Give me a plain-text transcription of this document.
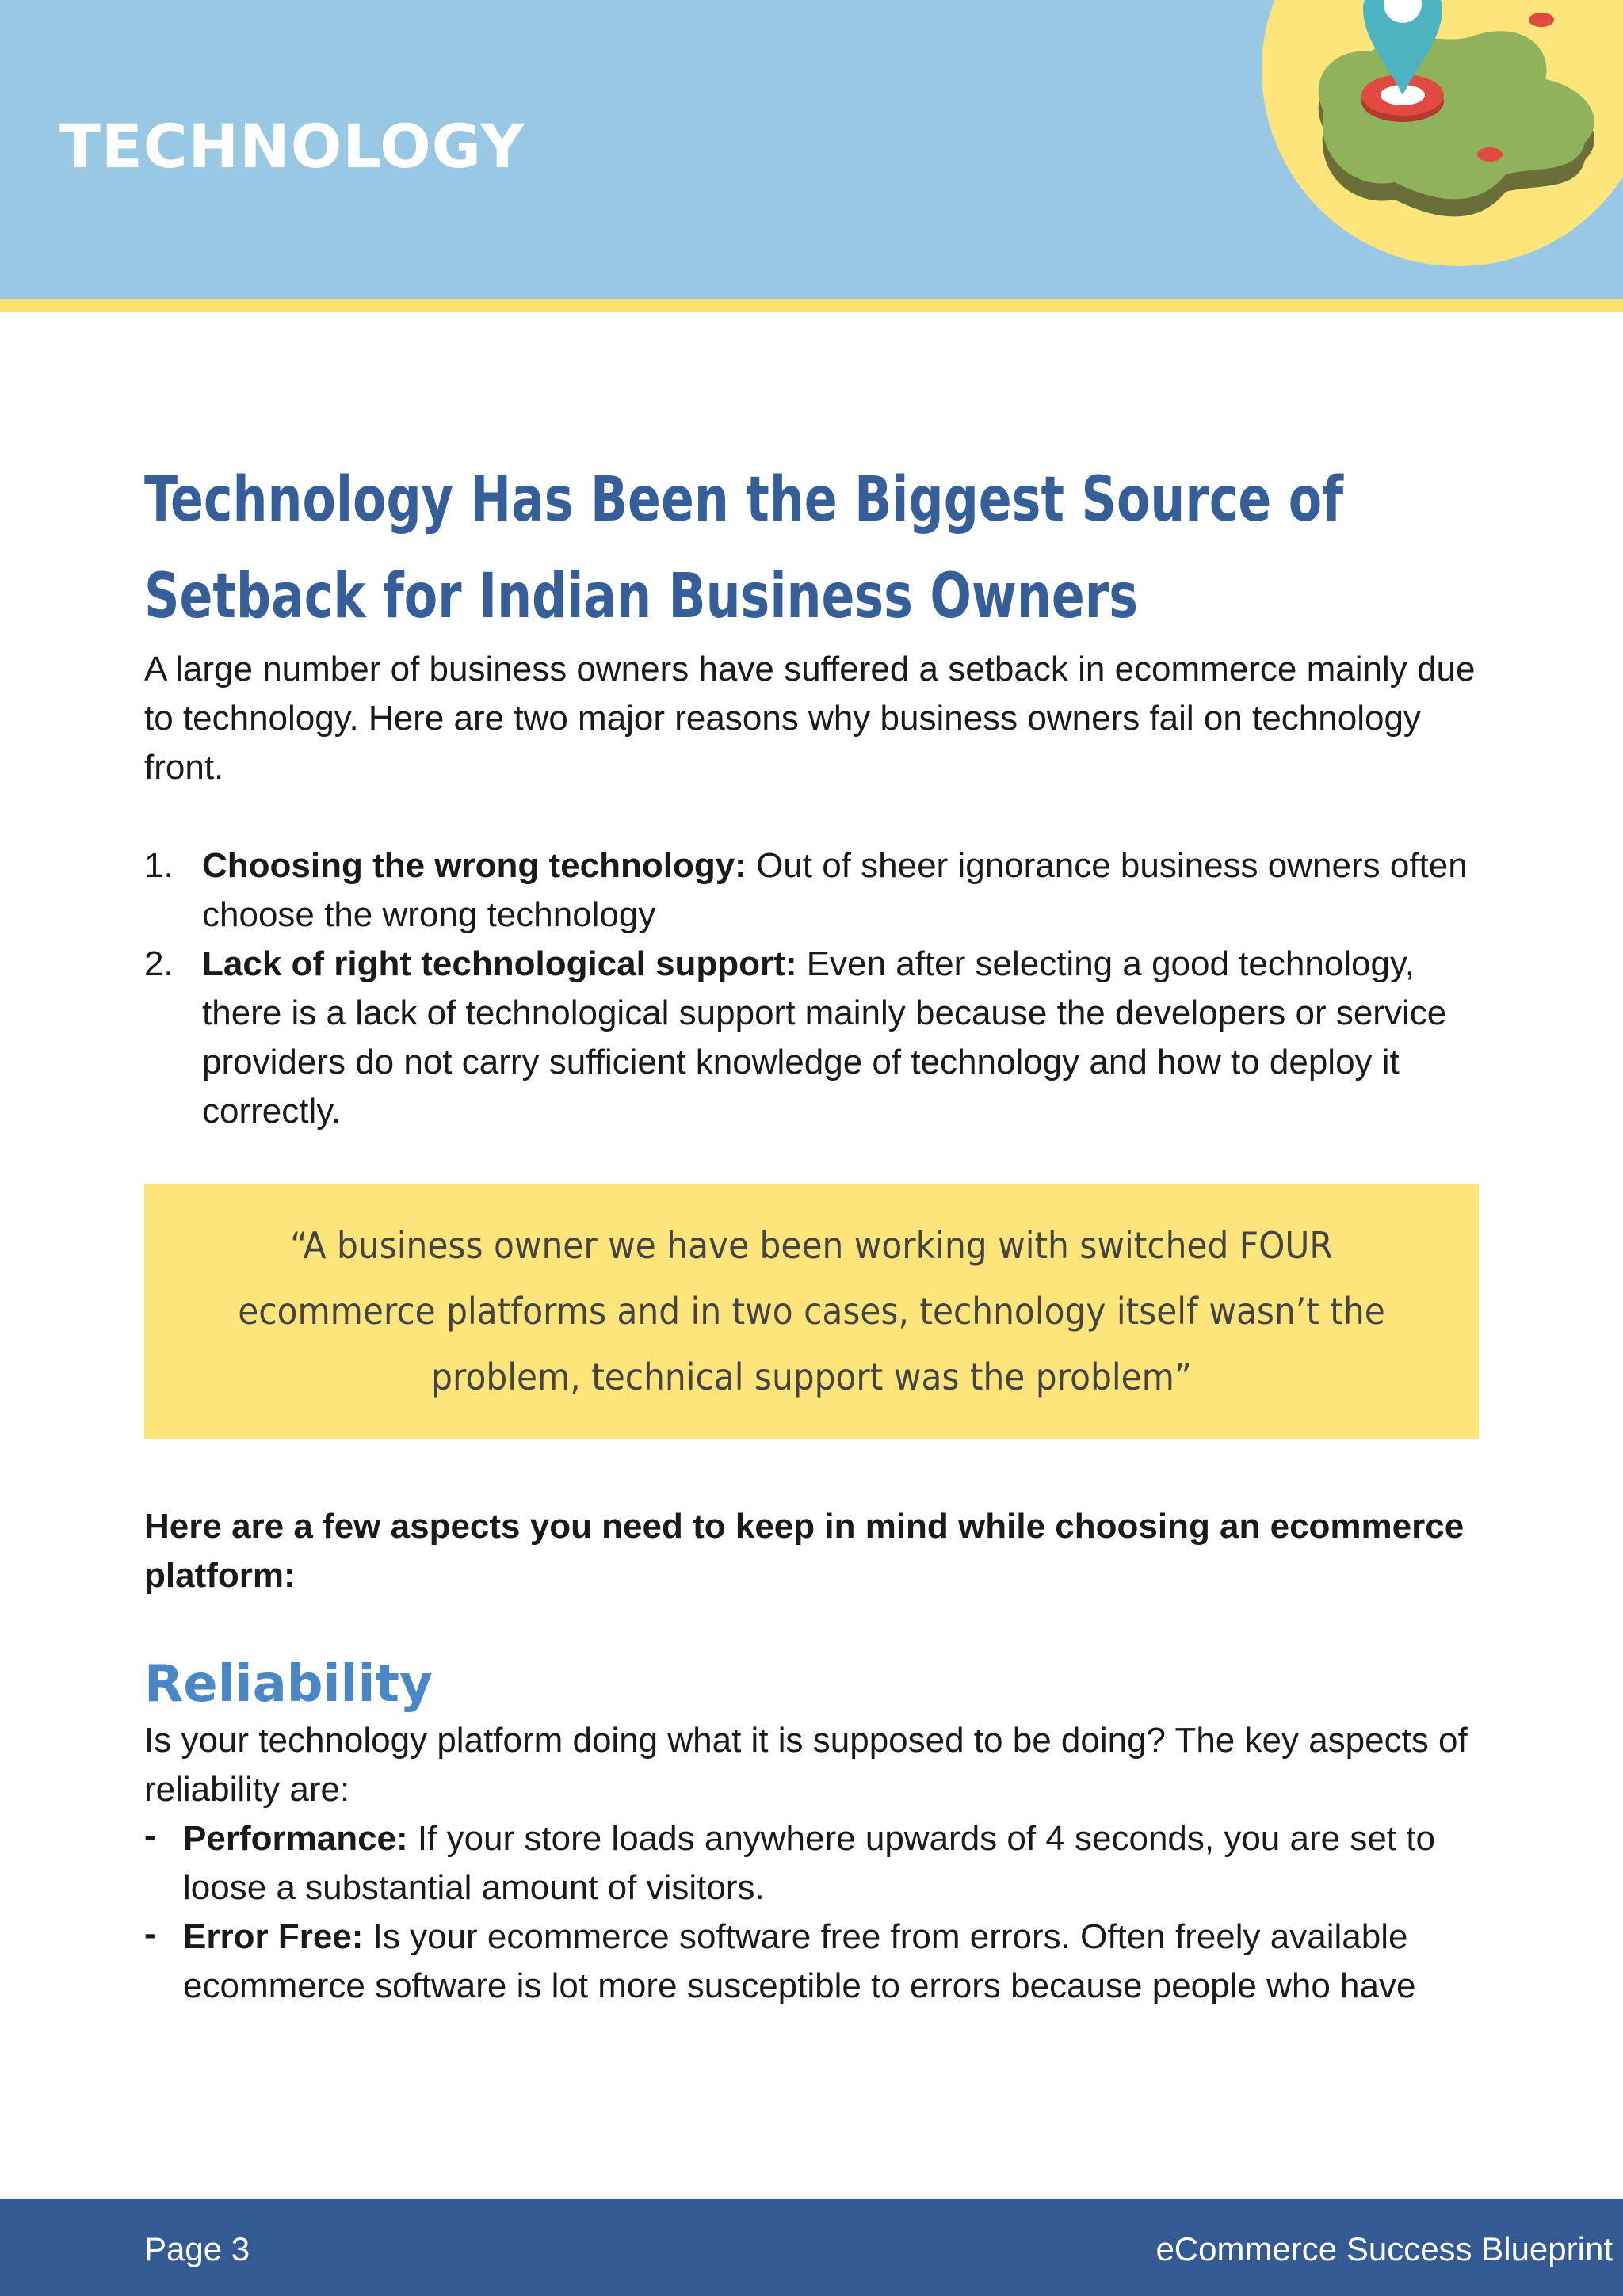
TECHNOLOGY
Technology Has Been the Biggest Source of Setback for Indian Business Owners

A large number of business owners have suffered a setback in ecommerce mainly due to technology. Here are two major reasons why business owners fail on technology front.

1. Choosing the wrong technology: Out of sheer ignorance business owners often choose the wrong technology
2. Lack of right technological support: Even after selecting a good technology, there is a lack of technological support mainly because the developers or service providers do not carry sufficient knowledge of technology and how to deploy it correctly.

“A business owner we have been working with switched FOUR ecommerce platforms and in two cases, technology itself wasn’t the problem, technical support was the problem”

Here are a few aspects you need to keep in mind while choosing an ecommerce platform:

Reliability

Is your technology platform doing what it is supposed to be doing? The key aspects of reliability are:

- Performance: If your store loads anywhere upwards of 4 seconds, you are set to loose a substantial amount of visitors.
- Error Free: Is your ecommerce software free from errors. Often freely available ecommerce software is lot more susceptible to errors because people who have
Page 3	eCommerce Success Blueprint
